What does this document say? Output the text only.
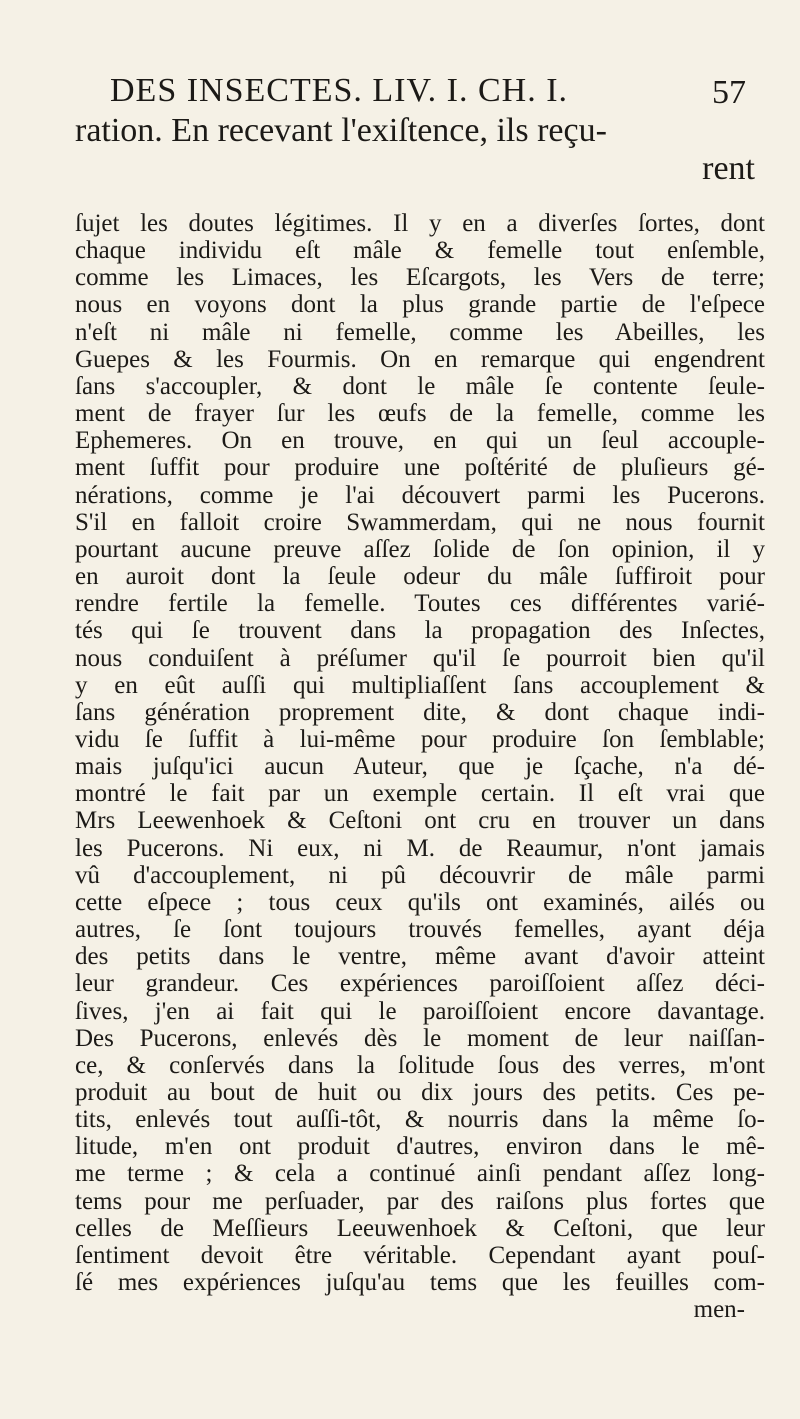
DES INSECTES. LIV. I. CH. I.	57
ration. En recevant l'exiſtence, ils reçu-
rent
ſujet les doutes légitimes. Il y en a diverſes ſortes, dont
chaque individu eſt mâle & femelle tout enſemble,
comme les Limaces, les Eſcargots, les Vers de terre;
nous en voyons dont la plus grande partie de l'eſpece
n'eſt ni mâle ni femelle, comme les Abeilles, les
Guepes & les Fourmis. On en remarque qui engendrent
ſans s'accoupler, & dont le mâle ſe contente ſeule-
ment de frayer ſur les œufs de la femelle, comme les
Ephemeres. On en trouve, en qui un ſeul accouple-
ment ſuffit pour produire une poſtérité de pluſieurs gé-
nérations, comme je l'ai découvert parmi les Pucerons.
S'il en falloit croire Swammerdam, qui ne nous fournit
pourtant aucune preuve aſſez ſolide de ſon opinion, il y
en auroit dont la ſeule odeur du mâle ſuffiroit pour
rendre fertile la femelle. Toutes ces différentes varié-
tés qui ſe trouvent dans la propagation des Inſectes,
nous conduiſent à préſumer qu'il ſe pourroit bien qu'il
y en eût auſſi qui multipliaſſent ſans accouplement &
ſans génération proprement dite, & dont chaque indi-
vidu ſe ſuffit à lui-même pour produire ſon ſemblable;
mais juſqu'ici aucun Auteur, que je ſçache, n'a dé-
montré le fait par un exemple certain. Il eſt vrai que
Mrs Leewenhoek & Ceſtoni ont cru en trouver un dans
les Pucerons. Ni eux, ni M. de Reaumur, n'ont jamais
vû d'accouplement, ni pû découvrir de mâle parmi
cette eſpece ; tous ceux qu'ils ont examinés, ailés ou
autres, ſe ſont toujours trouvés femelles, ayant déja
des petits dans le ventre, même avant d'avoir atteint
leur grandeur. Ces expériences paroiſſoient aſſez déci-
ſives, j'en ai fait qui le paroiſſoient encore davantage.
Des Pucerons, enlevés dès le moment de leur naiſſan-
ce, & conſervés dans la ſolitude ſous des verres, m'ont
produit au bout de huit ou dix jours des petits. Ces pe-
tits, enlevés tout auſſi-tôt, & nourris dans la même ſo-
litude, m'en ont produit d'autres, environ dans le mê-
me terme ; & cela a continué ainſi pendant aſſez long-
tems pour me perſuader, par des raiſons plus fortes que
celles de Meſſieurs Leeuwenhoek & Ceſtoni, que leur
ſentiment devoit être véritable. Cependant ayant pouſ-
ſé mes expériences juſqu'au tems que les feuilles com-
men-
